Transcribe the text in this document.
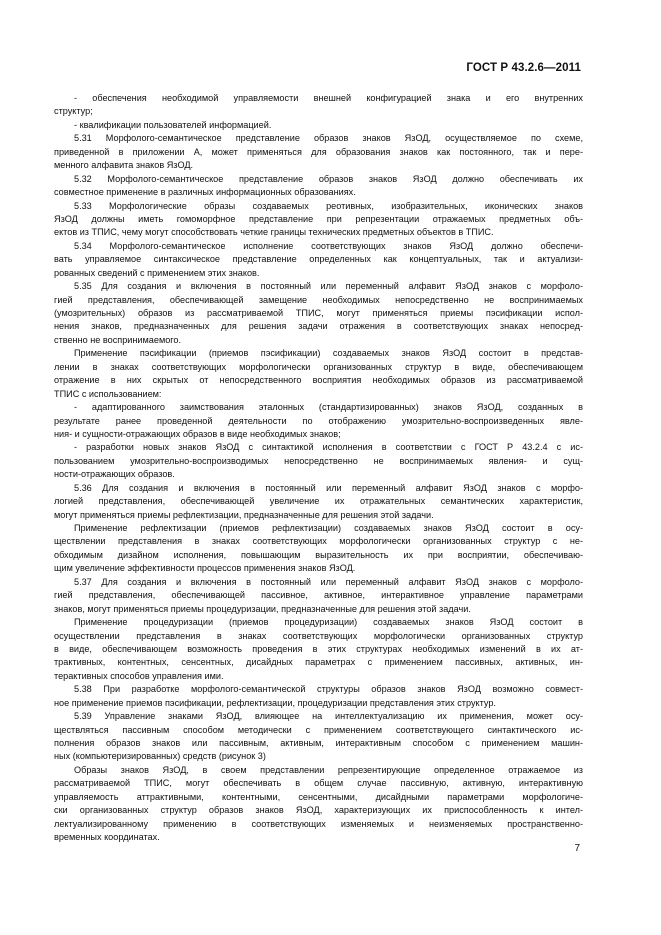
ГОСТ Р 43.2.6—2011
- обеспечения необходимой управляемости внешней конфигурацией знака и его внутренних
структур;
- квалификации пользователей информацией.
5.31 Морфолого-семантическое представление образов знаков ЯзОД, осуществляемое по схеме,
приведенной в приложении А, может применяться для образования знаков как постоянного, так и пере-
менного алфавита знаков ЯзОД.
5.32 Морфолого-семантическое представление образов знаков ЯзОД должно обеспечивать их
совместное применение в различных информационных образованиях.
5.33 Морфологические образы создаваемых реотивных, изобразительных, иконических знаков
ЯзОД должны иметь гомоморфное представление при репрезентации отражаемых предметных объ-
ектов из ТПИС, чему могут способствовать четкие границы технических предметных объектов в ТПИС.
5.34 Морфолого-семантическое исполнение соответствующих знаков ЯзОД должно обеспечи-
вать управляемое синтаксическое представление определенных как концептуальных, так и актуализи-
рованных сведений с применением этих знаков.
5.35 Для создания и включения в постоянный или переменный алфавит ЯзОД знаков с морфоло-
гией представления, обеспечивающей замещение необходимых непосредственно не воспринимаемых
(умозрительных) образов из рассматриваемой ТПИС, могут применяться приемы пэсификации испол-
нения знаков, предназначенных для решения задачи отражения в соответствующих знаках непосред-
ственно не воспринимаемого.
Применение пэсификации (приемов пэсификации) создаваемых знаков ЯзОД состоит в представ-
лении в знаках соответствующих морфологически организованных структур в виде, обеспечивающем
отражение в них скрытых от непосредственного восприятия необходимых образов из рассматриваемой
ТПИС с использованием:
- адаптированного заимствования эталонных (стандартизированных) знаков ЯзОД, созданных в
результате ранее проведенной деятельности по отображению умозрительно-воспроизведенных явле-
ния- и сущности-отражающих образов в виде необходимых знаков;
- разработки новых знаков ЯзОД с синтактикой исполнения в соответствии с ГОСТ Р 43.2.4 с ис-
пользованием умозрительно-воспроизводимых непосредственно не воспринимаемых явления- и сущ-
ности-отражающих образов.
5.36 Для создания и включения в постоянный или переменный алфавит ЯзОД знаков с морфо-
логией представления, обеспечивающей увеличение их отражательных семантических характеристик,
могут применяться приемы рефлектизации, предназначенные для решения этой задачи.
Применение рефлектизации (приемов рефлектизации) создаваемых знаков ЯзОД состоит в осу-
ществлении представления в знаках соответствующих морфологически организованных структур с не-
обходимым дизайном исполнения, повышающим выразительность их при восприятии, обеспечиваю-
щим увеличение эффективности процессов применения знаков ЯзОД.
5.37 Для создания и включения в постоянный или переменный алфавит ЯзОД знаков с морфоло-
гией представления, обеспечивающей пассивное, активное, интерактивное управление параметрами
знаков, могут применяться приемы процедуризации, предназначенные для решения этой задачи.
Применение процедуризации (приемов процедуризации) создаваемых знаков ЯзОД состоит в
осуществлении представления в знаках соответствующих морфологически организованных структур
в виде, обеспечивающем возможность проведения в этих структурах необходимых изменений в их ат-
трактивных, контентных, сенсентных, дисайдных параметрах с применением пассивных, активных, ин-
терактивных способов управления ими.
5.38 При разработке морфолого-семантической структуры образов знаков ЯзОД возможно совмест-
ное применение приемов пэсификации, рефлектизации, процедуризации представления этих структур.
5.39 Управление знаками ЯзОД, влияющее на интеллектуализацию их применения, может осу-
ществляться пассивным способом методически с применением соответствующего синтактического ис-
полнения образов знаков или пассивным, активным, интерактивным способом с применением машин-
ных (компьютеризированных) средств (рисунок 3)
Образы знаков ЯзОД, в своем представлении репрезентирующие определенное отражаемое из
рассматриваемой ТПИС, могут обеспечивать в общем случае пассивную, активную, интерактивную
управляемость аттрактивными, контентными, сенсентными, дисайдными параметрами морфологиче-
ски организованных структур образов знаков ЯзОД, характеризующих их приспособленность к интел-
лектуализированному применению в соответствующих изменяемых и неизменяемых пространственно-
временных координатах.
7
